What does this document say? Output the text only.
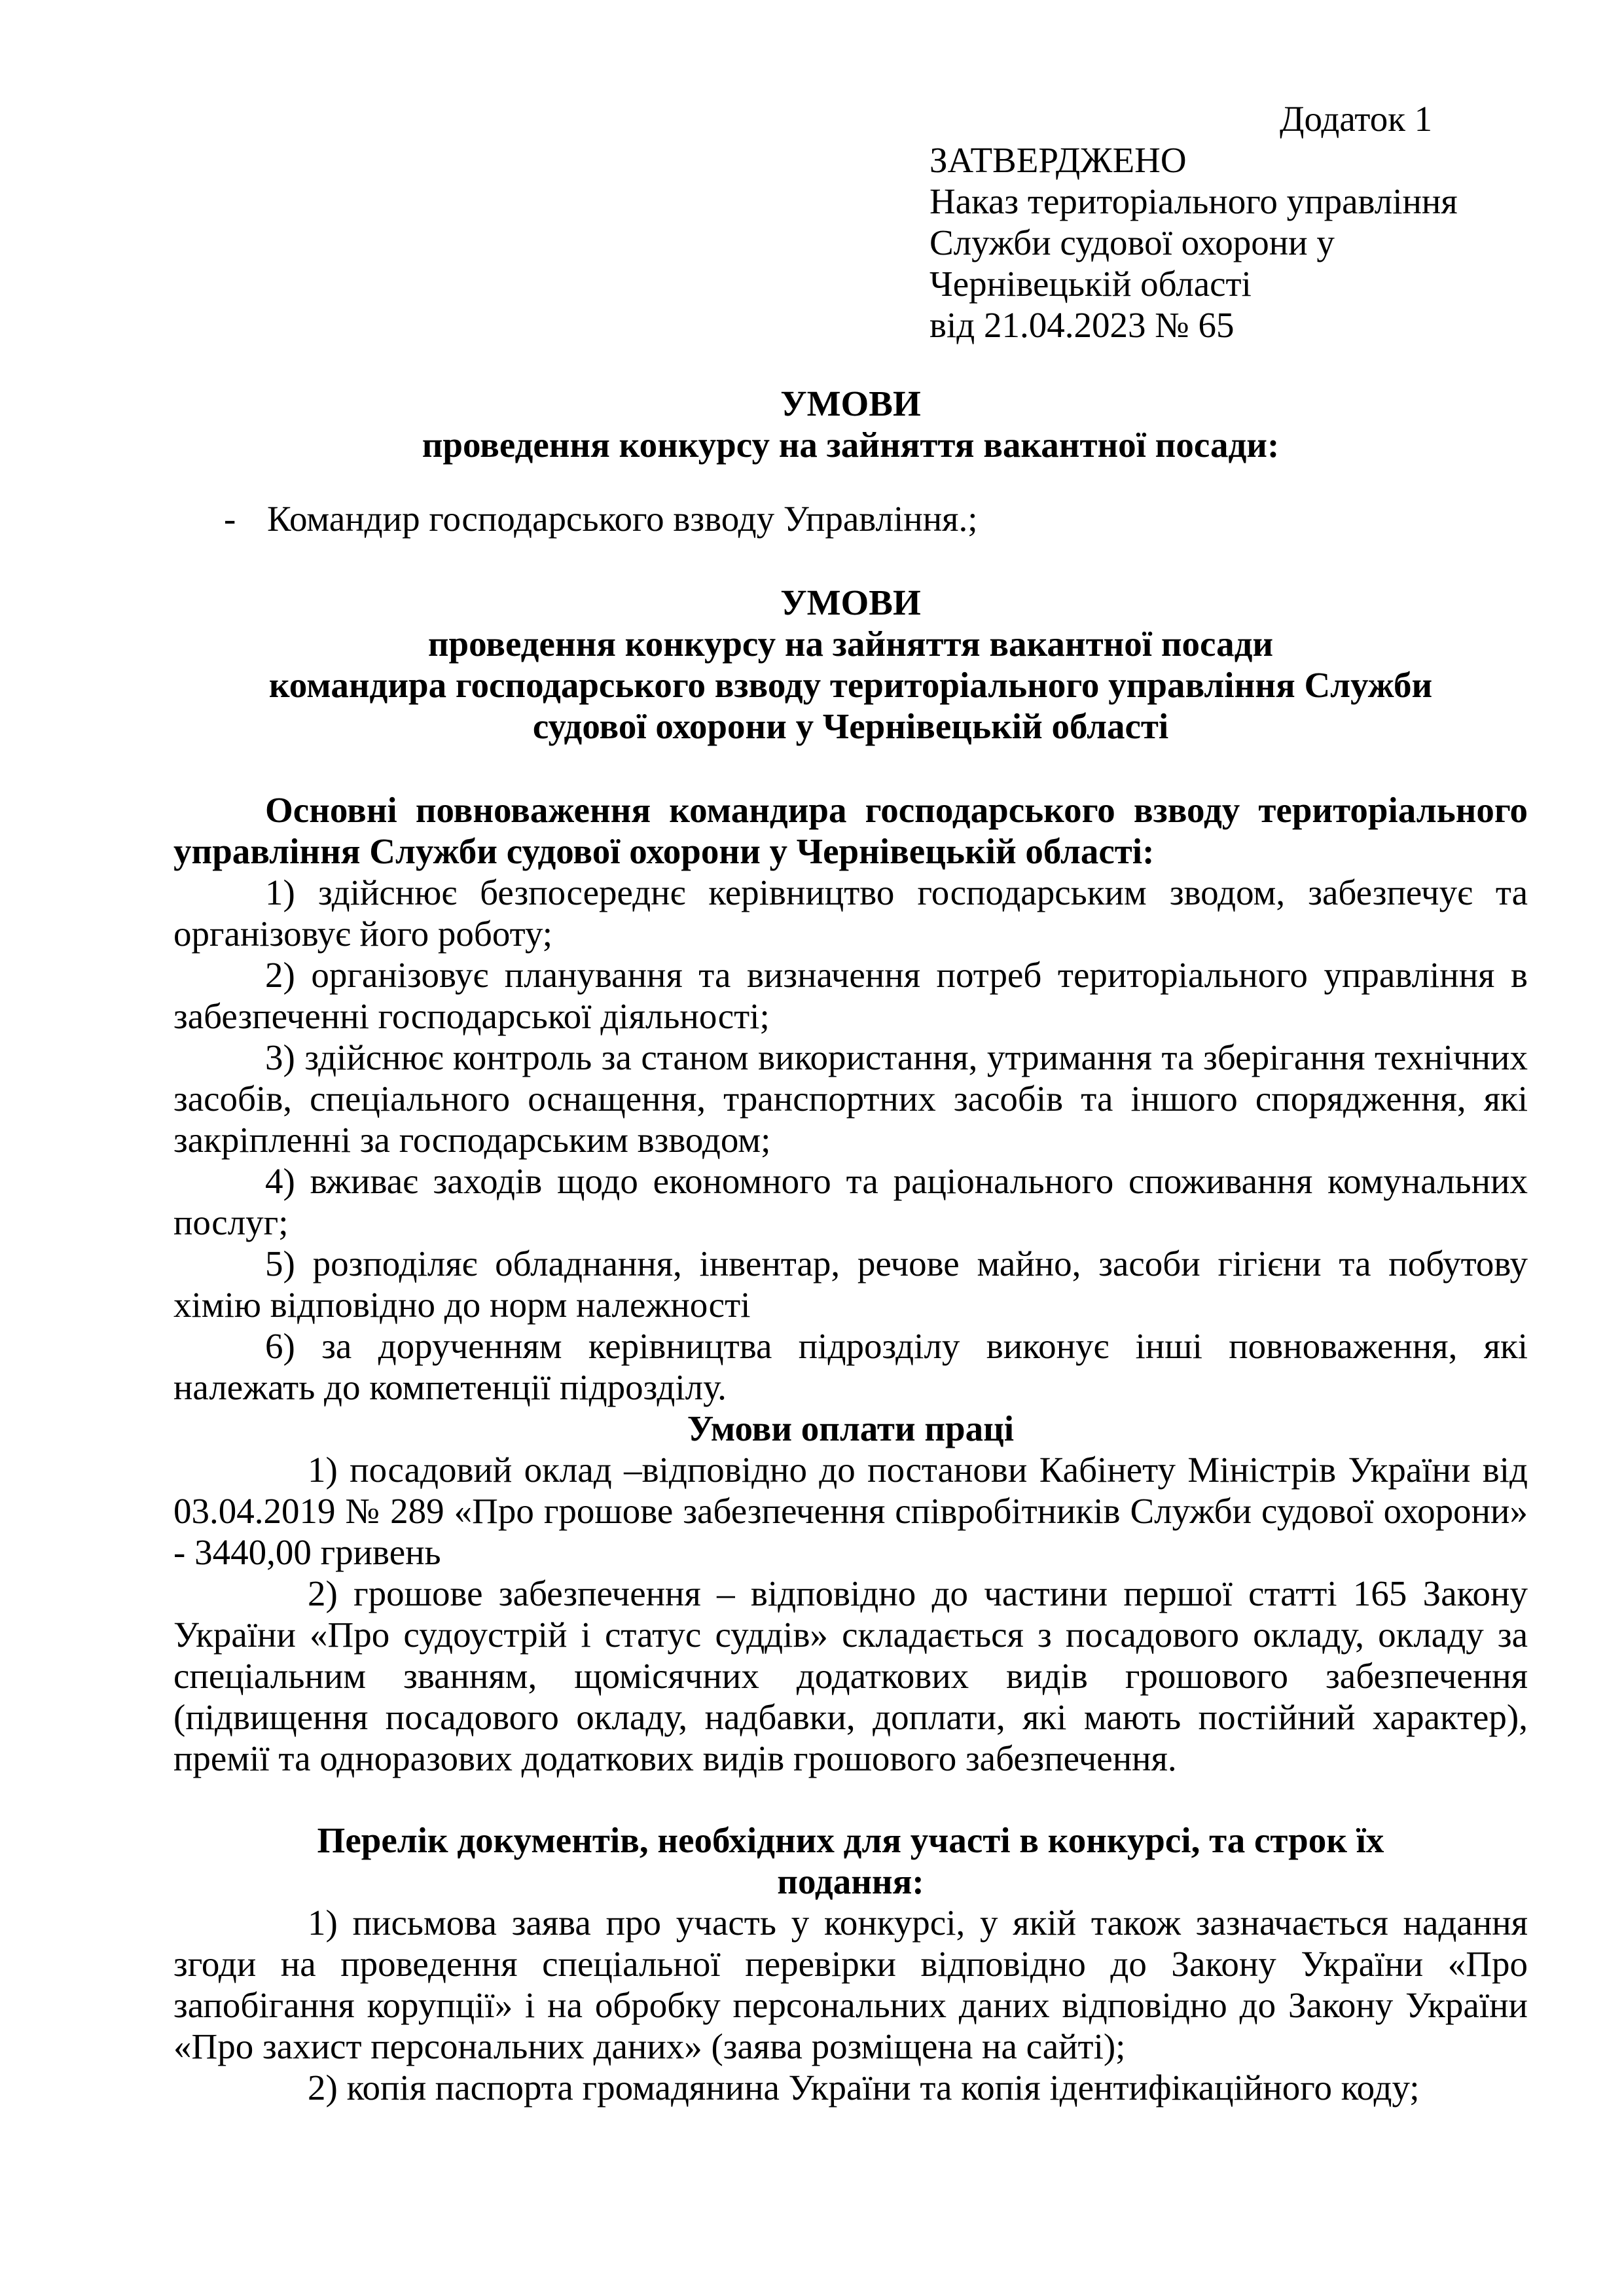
Додаток 1
ЗАТВЕРДЖЕНО
Наказ територіального управління
Служби судової охорони у
Чернівецькій області
від 21.04.2023 № 65
УМОВИ
проведення конкурсу на зайняття вакантної посади:
- Командир господарського взводу Управління.;
УМОВИ
проведення конкурсу на зайняття вакантної посади
командира господарського взводу територіального управління Служби
судової охорони у Чернівецькій області
Основні повноваження командира господарського взводу територіального управління Служби судової охорони у Чернівецькій області:
1) здійснює безпосереднє керівництво господарським зводом, забезпечує та організовує його роботу;
2) організовує планування та визначення потреб територіального управління в забезпеченні господарської діяльності;
3) здійснює контроль за станом використання, утримання та зберігання технічних засобів, спеціального оснащення, транспортних засобів та іншого спорядження, які закріпленні за господарським взводом;
4) вживає заходів щодо економного та раціонального споживання комунальних послуг;
5) розподіляє обладнання, інвентар, речове майно, засоби гігієни та побутову хімію відповідно до норм належності
6) за дорученням керівництва підрозділу виконує інші повноваження, які належать до компетенції підрозділу.
Умови оплати праці
1) посадовий оклад –відповідно до постанови Кабінету Міністрів України від 03.04.2019 № 289 «Про грошове забезпечення співробітників Служби судової охорони» - 3440,00 гривень
2) грошове забезпечення – відповідно до частини першої статті 165 Закону України «Про судоустрій і статус суддів» складається з посадового окладу, окладу за спеціальним званням, щомісячних додаткових видів грошового забезпечення (підвищення посадового окладу, надбавки, доплати, які мають постійний характер), премії та одноразових додаткових видів грошового забезпечення.
Перелік документів, необхідних для участі в конкурсі, та строк їх
подання:
1) письмова заява про участь у конкурсі, у якій також зазначається надання згоди на проведення спеціальної перевірки відповідно до Закону України «Про запобігання корупції» і на обробку персональних даних відповідно до Закону України «Про захист персональних даних» (заява розміщена на сайті);
2) копія паспорта громадянина України та копія ідентифікаційного коду;
